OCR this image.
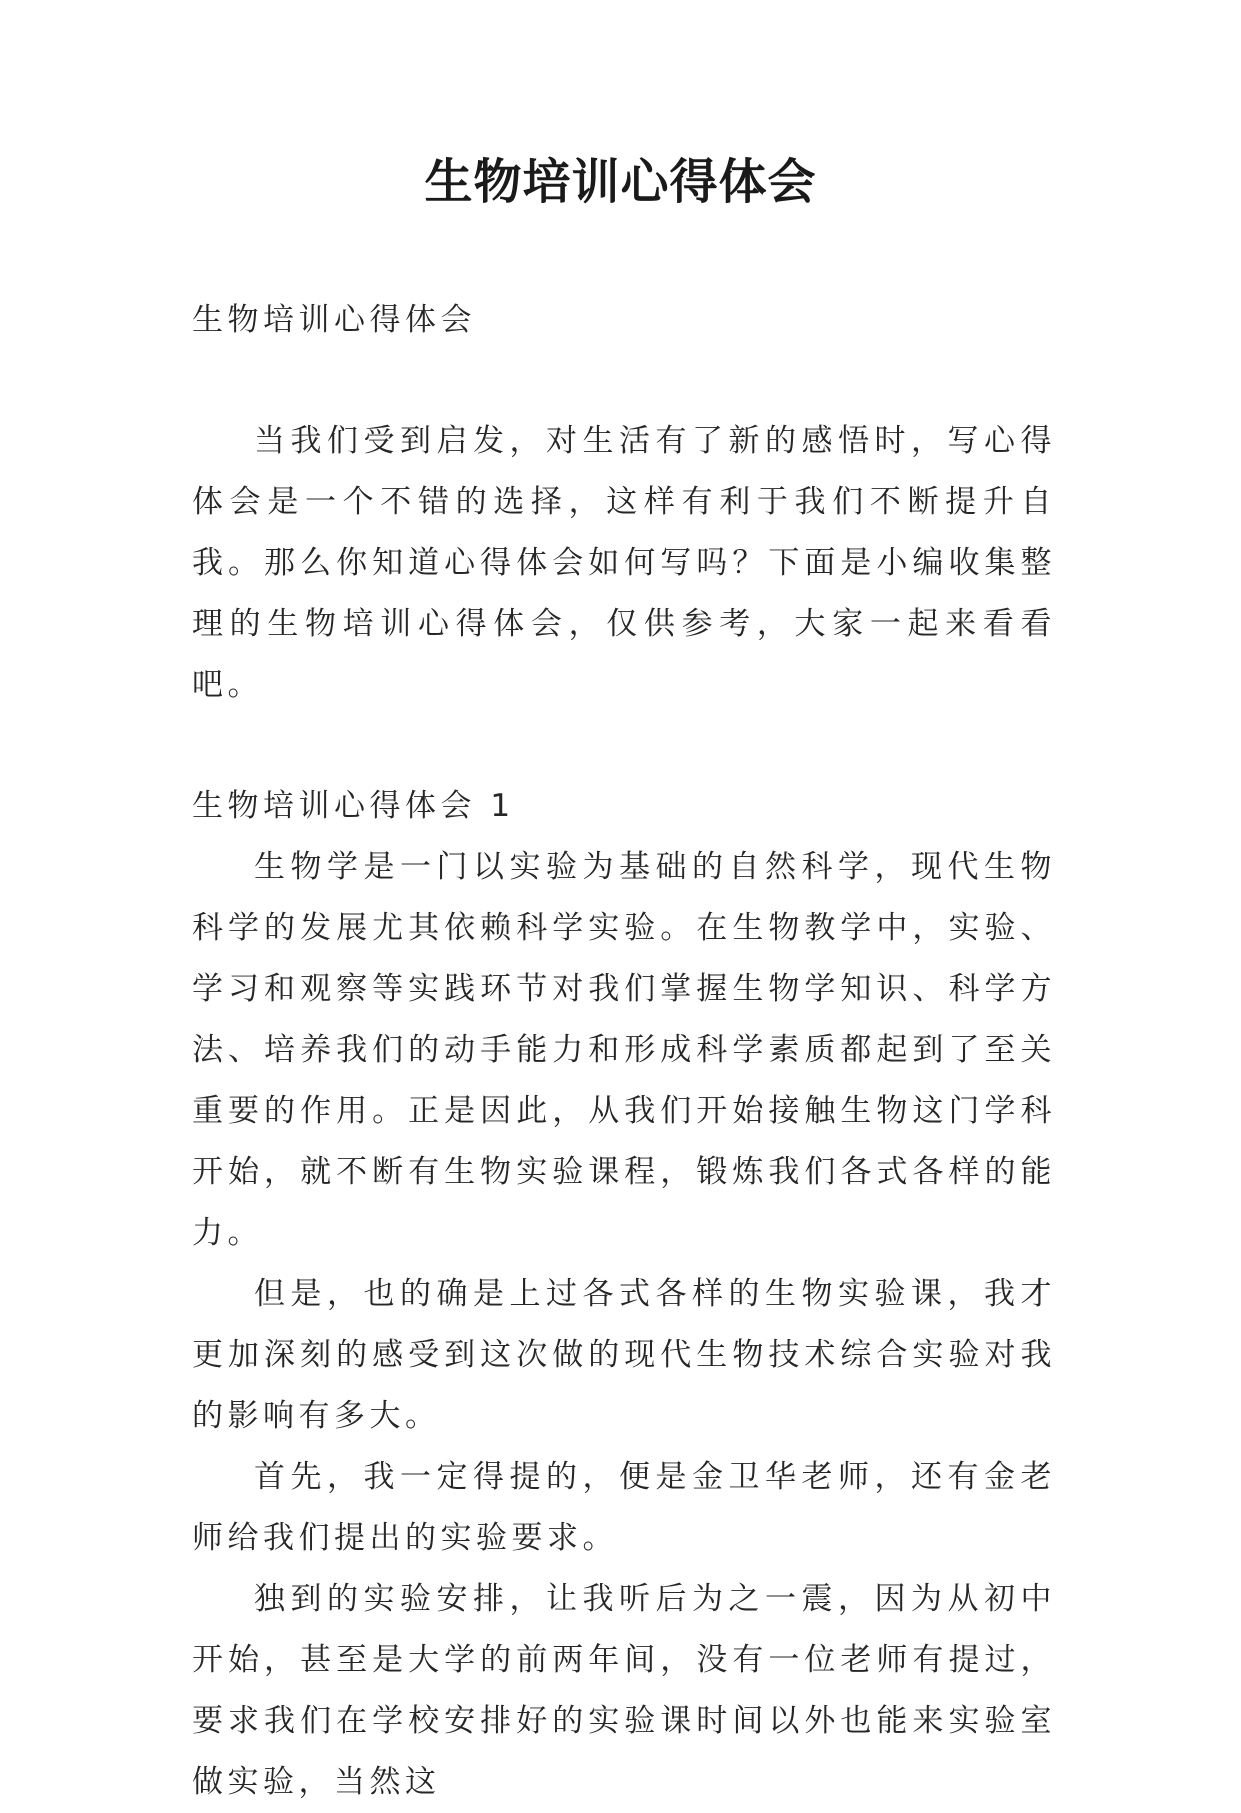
生物培训心得体会

生物培训心得体会

当我们受到启发，对生活有了新的感悟时，写心得体会是一个不错的选择，这样有利于我们不断提升自我。那么你知道心得体会如何写吗？下面是小编收集整理的生物培训心得体会，仅供参考，大家一起来看看吧。

生物培训心得体会 1

生物学是一门以实验为基础的自然科学，现代生物科学的发展尤其依赖科学实验。在生物教学中，实验、学习和观察等实践环节对我们掌握生物学知识、科学方法、培养我们的动手能力和形成科学素质都起到了至关重要的作用。正是因此，从我们开始接触生物这门学科开始，就不断有生物实验课程，锻炼我们各式各样的能力。

但是，也的确是上过各式各样的生物实验课，我才更加深刻的感受到这次做的现代生物技术综合实验对我的影响有多大。

首先，我一定得提的，便是金卫华老师，还有金老师给我们提出的实验要求。

独到的实验安排，让我听后为之一震，因为从初中开始，甚至是大学的前两年间，没有一位老师有提过，要求我们在学校安排好的实验课时间以外也能来实验室做实验，当然这
